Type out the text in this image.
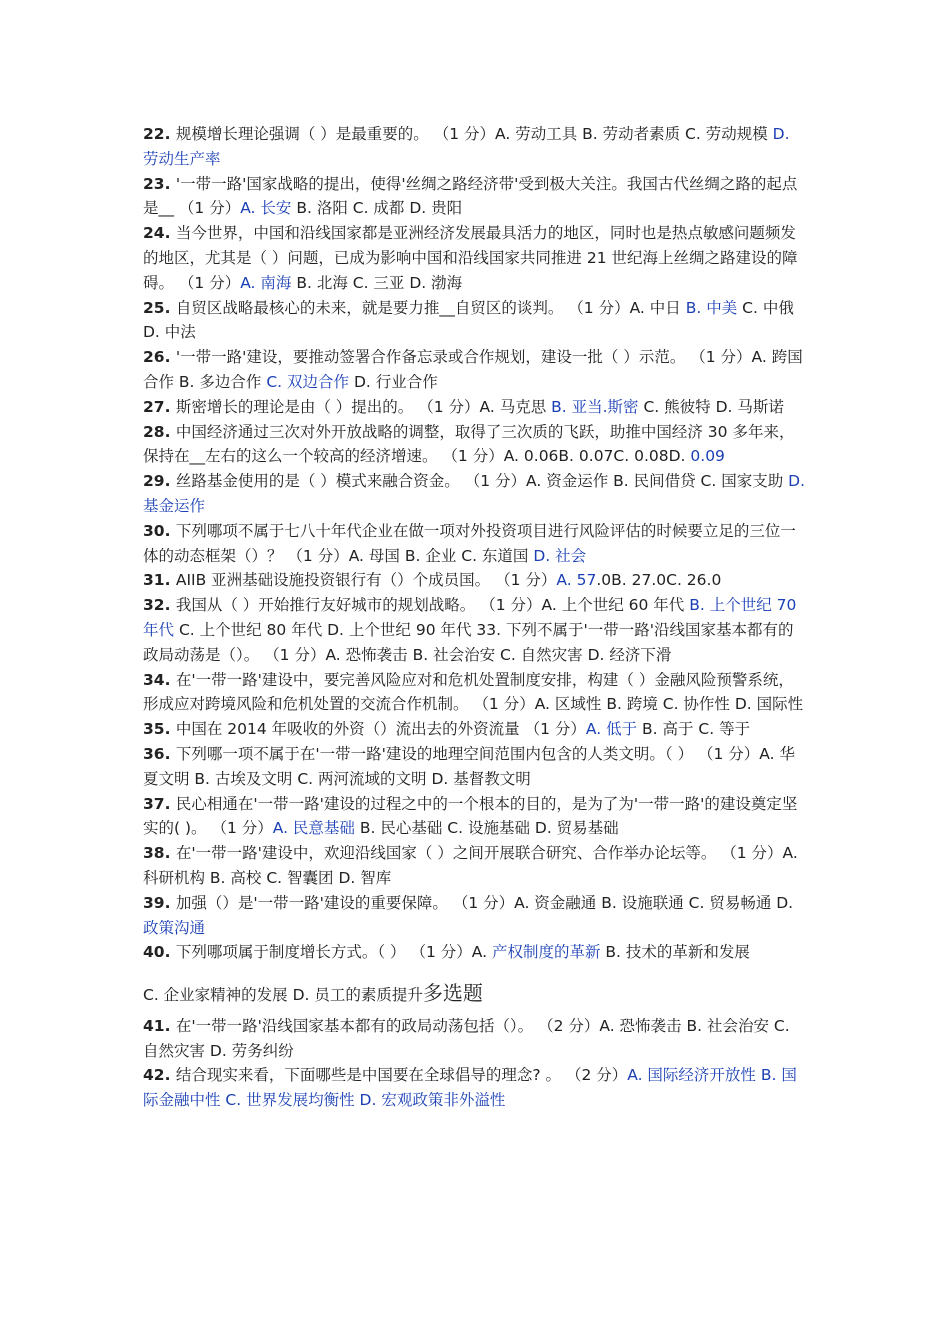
22. 规模增长理论强调（ ）是最重要的。 （1 分）A. 劳动工具 B. 劳动者素质 C. 劳动规模 D. 劳动生产率

23. '一带一路'国家战略的提出，使得'丝绸之路经济带'受到极大关注。我国古代丝绸之路的起点是__ （1 分）A. 长安 B. 洛阳 C. 成都 D. 贵阳

24. 当今世界，中国和沿线国家都是亚洲经济发展最具活力的地区，同时也是热点敏感问题频发的地区，尤其是（ ）问题，已成为影响中国和沿线国家共同推进 21 世纪海上丝绸之路建设的障碍。 （1 分）A. 南海 B. 北海 C. 三亚 D. 渤海

25. 自贸区战略最核心的未来，就是要力推__自贸区的谈判。 （1 分）A. 中日 B. 中美 C. 中俄 D. 中法

26. '一带一路'建设，要推动签署合作备忘录或合作规划，建设一批（ ）示范。 （1 分）A. 跨国合作 B. 多边合作 C. 双边合作 D. 行业合作

27. 斯密增长的理论是由（ ）提出的。 （1 分）A. 马克思 B. 亚当.斯密 C. 熊彼特 D. 马斯诺

28. 中国经济通过三次对外开放战略的调整，取得了三次质的飞跃，助推中国经济 30 多年来，保持在__左右的这么一个较高的经济增速。 （1 分）A. 0.06B. 0.07C. 0.08D. 0.09

29. 丝路基金使用的是（ ）模式来融合资金。 （1 分）A. 资金运作 B. 民间借贷 C. 国家支助 D. 基金运作

30. 下列哪项不属于七八十年代企业在做一项对外投资项目进行风险评估的时候要立足的三位一体的动态框架（）？ （1 分）A. 母国 B. 企业 C. 东道国 D. 社会

31. AIIB 亚洲基础设施投资银行有（）个成员国。 （1 分）A. 57.0B. 27.0C. 26.0

32. 我国从（ ）开始推行友好城市的规划战略。 （1 分）A. 上个世纪 60 年代 B. 上个世纪 70 年代 C. 上个世纪 80 年代 D. 上个世纪 90 年代 33. 下列不属于'一带一路'沿线国家基本都有的政局动荡是（）。 （1 分）A. 恐怖袭击 B. 社会治安 C. 自然灾害 D. 经济下滑

34. 在'一带一路'建设中，要完善风险应对和危机处置制度安排，构建（ ）金融风险预警系统，形成应对跨境风险和危机处置的交流合作机制。 （1 分）A. 区域性 B. 跨境 C. 协作性 D. 国际性

35. 中国在 2014 年吸收的外资（）流出去的外资流量 （1 分）A. 低于 B. 高于 C. 等于

36. 下列哪一项不属于在'一带一路'建设的地理空间范围内包含的人类文明。（ ） （1 分）A. 华夏文明 B. 古埃及文明 C. 两河流域的文明 D. 基督教文明

37. 民心相通在'一带一路'建设的过程之中的一个根本的目的，是为了为'一带一路'的建设奠定坚实的( )。 （1 分）A. 民意基础 B. 民心基础 C. 设施基础 D. 贸易基础

38. 在'一带一路'建设中，欢迎沿线国家（ ）之间开展联合研究、合作举办论坛等。 （1 分）A. 科研机构 B. 高校 C. 智囊团 D. 智库

39. 加强（）是'一带一路'建设的重要保障。 （1 分）A. 资金融通 B. 设施联通 C. 贸易畅通 D. 政策沟通

40. 下列哪项属于制度增长方式。（ ） （1 分）A. 产权制度的革新 B. 技术的革新和发展

C. 企业家精神的发展 D. 员工的素质提升多选题

41. 在'一带一路'沿线国家基本都有的政局动荡包括（）。 （2 分）A. 恐怖袭击 B. 社会治安 C. 自然灾害 D. 劳务纠纷

42. 结合现实来看，下面哪些是中国要在全球倡导的理念? 。 （2 分）A. 国际经济开放性 B. 国际金融中性 C. 世界发展均衡性 D. 宏观政策非外溢性
